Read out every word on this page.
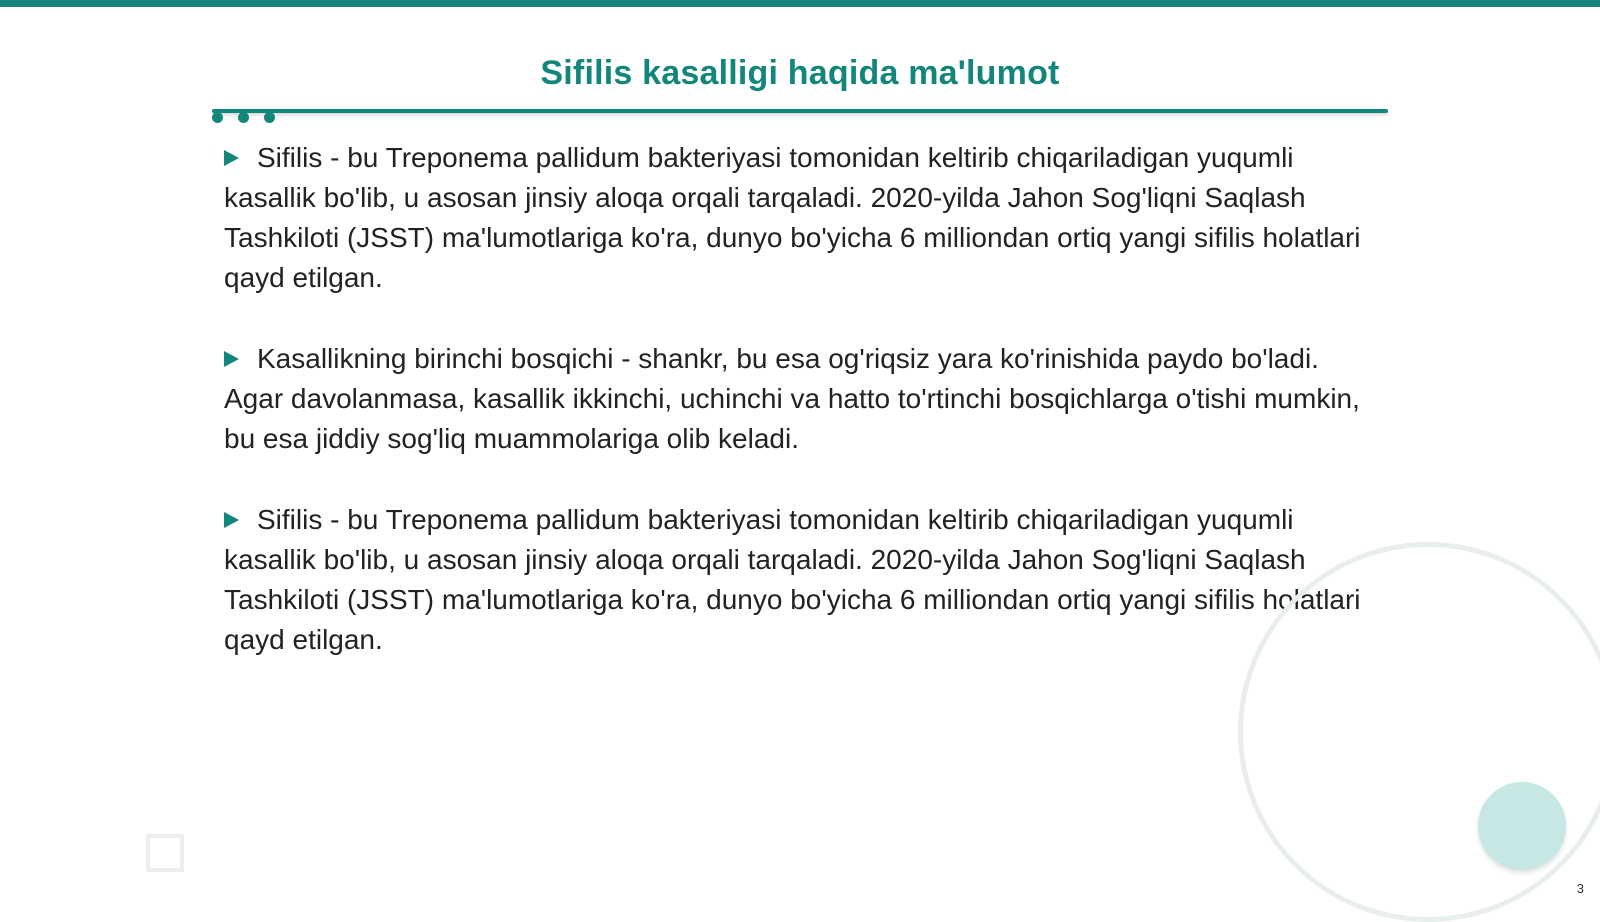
Sifilis kasalligi haqida ma'lumot

Sifilis - bu Treponema pallidum bakteriyasi tomonidan keltirib chiqariladigan yuqumli kasallik bo'lib, u asosan jinsiy aloqa orqali tarqaladi. 2020-yilda Jahon Sog'liqni Saqlash Tashkiloti (JSST) ma'lumotlariga ko'ra, dunyo bo'yicha 6 milliondan ortiq yangi sifilis holatlari qayd etilgan.

Kasallikning birinchi bosqichi - shankr, bu esa og'riqsiz yara ko'rinishida paydo bo'ladi. Agar davolanmasa, kasallik ikkinchi, uchinchi va hatto to'rtinchi bosqichlarga o'tishi mumkin, bu esa jiddiy sog'liq muammolariga olib keladi.

Sifilis - bu Treponema pallidum bakteriyasi tomonidan keltirib chiqariladigan yuqumli kasallik bo'lib, u asosan jinsiy aloqa orqali tarqaladi. 2020-yilda Jahon Sog'liqni Saqlash Tashkiloti (JSST) ma'lumotlariga ko'ra, dunyo bo'yicha 6 milliondan ortiq yangi sifilis holatlari qayd etilgan.

3
